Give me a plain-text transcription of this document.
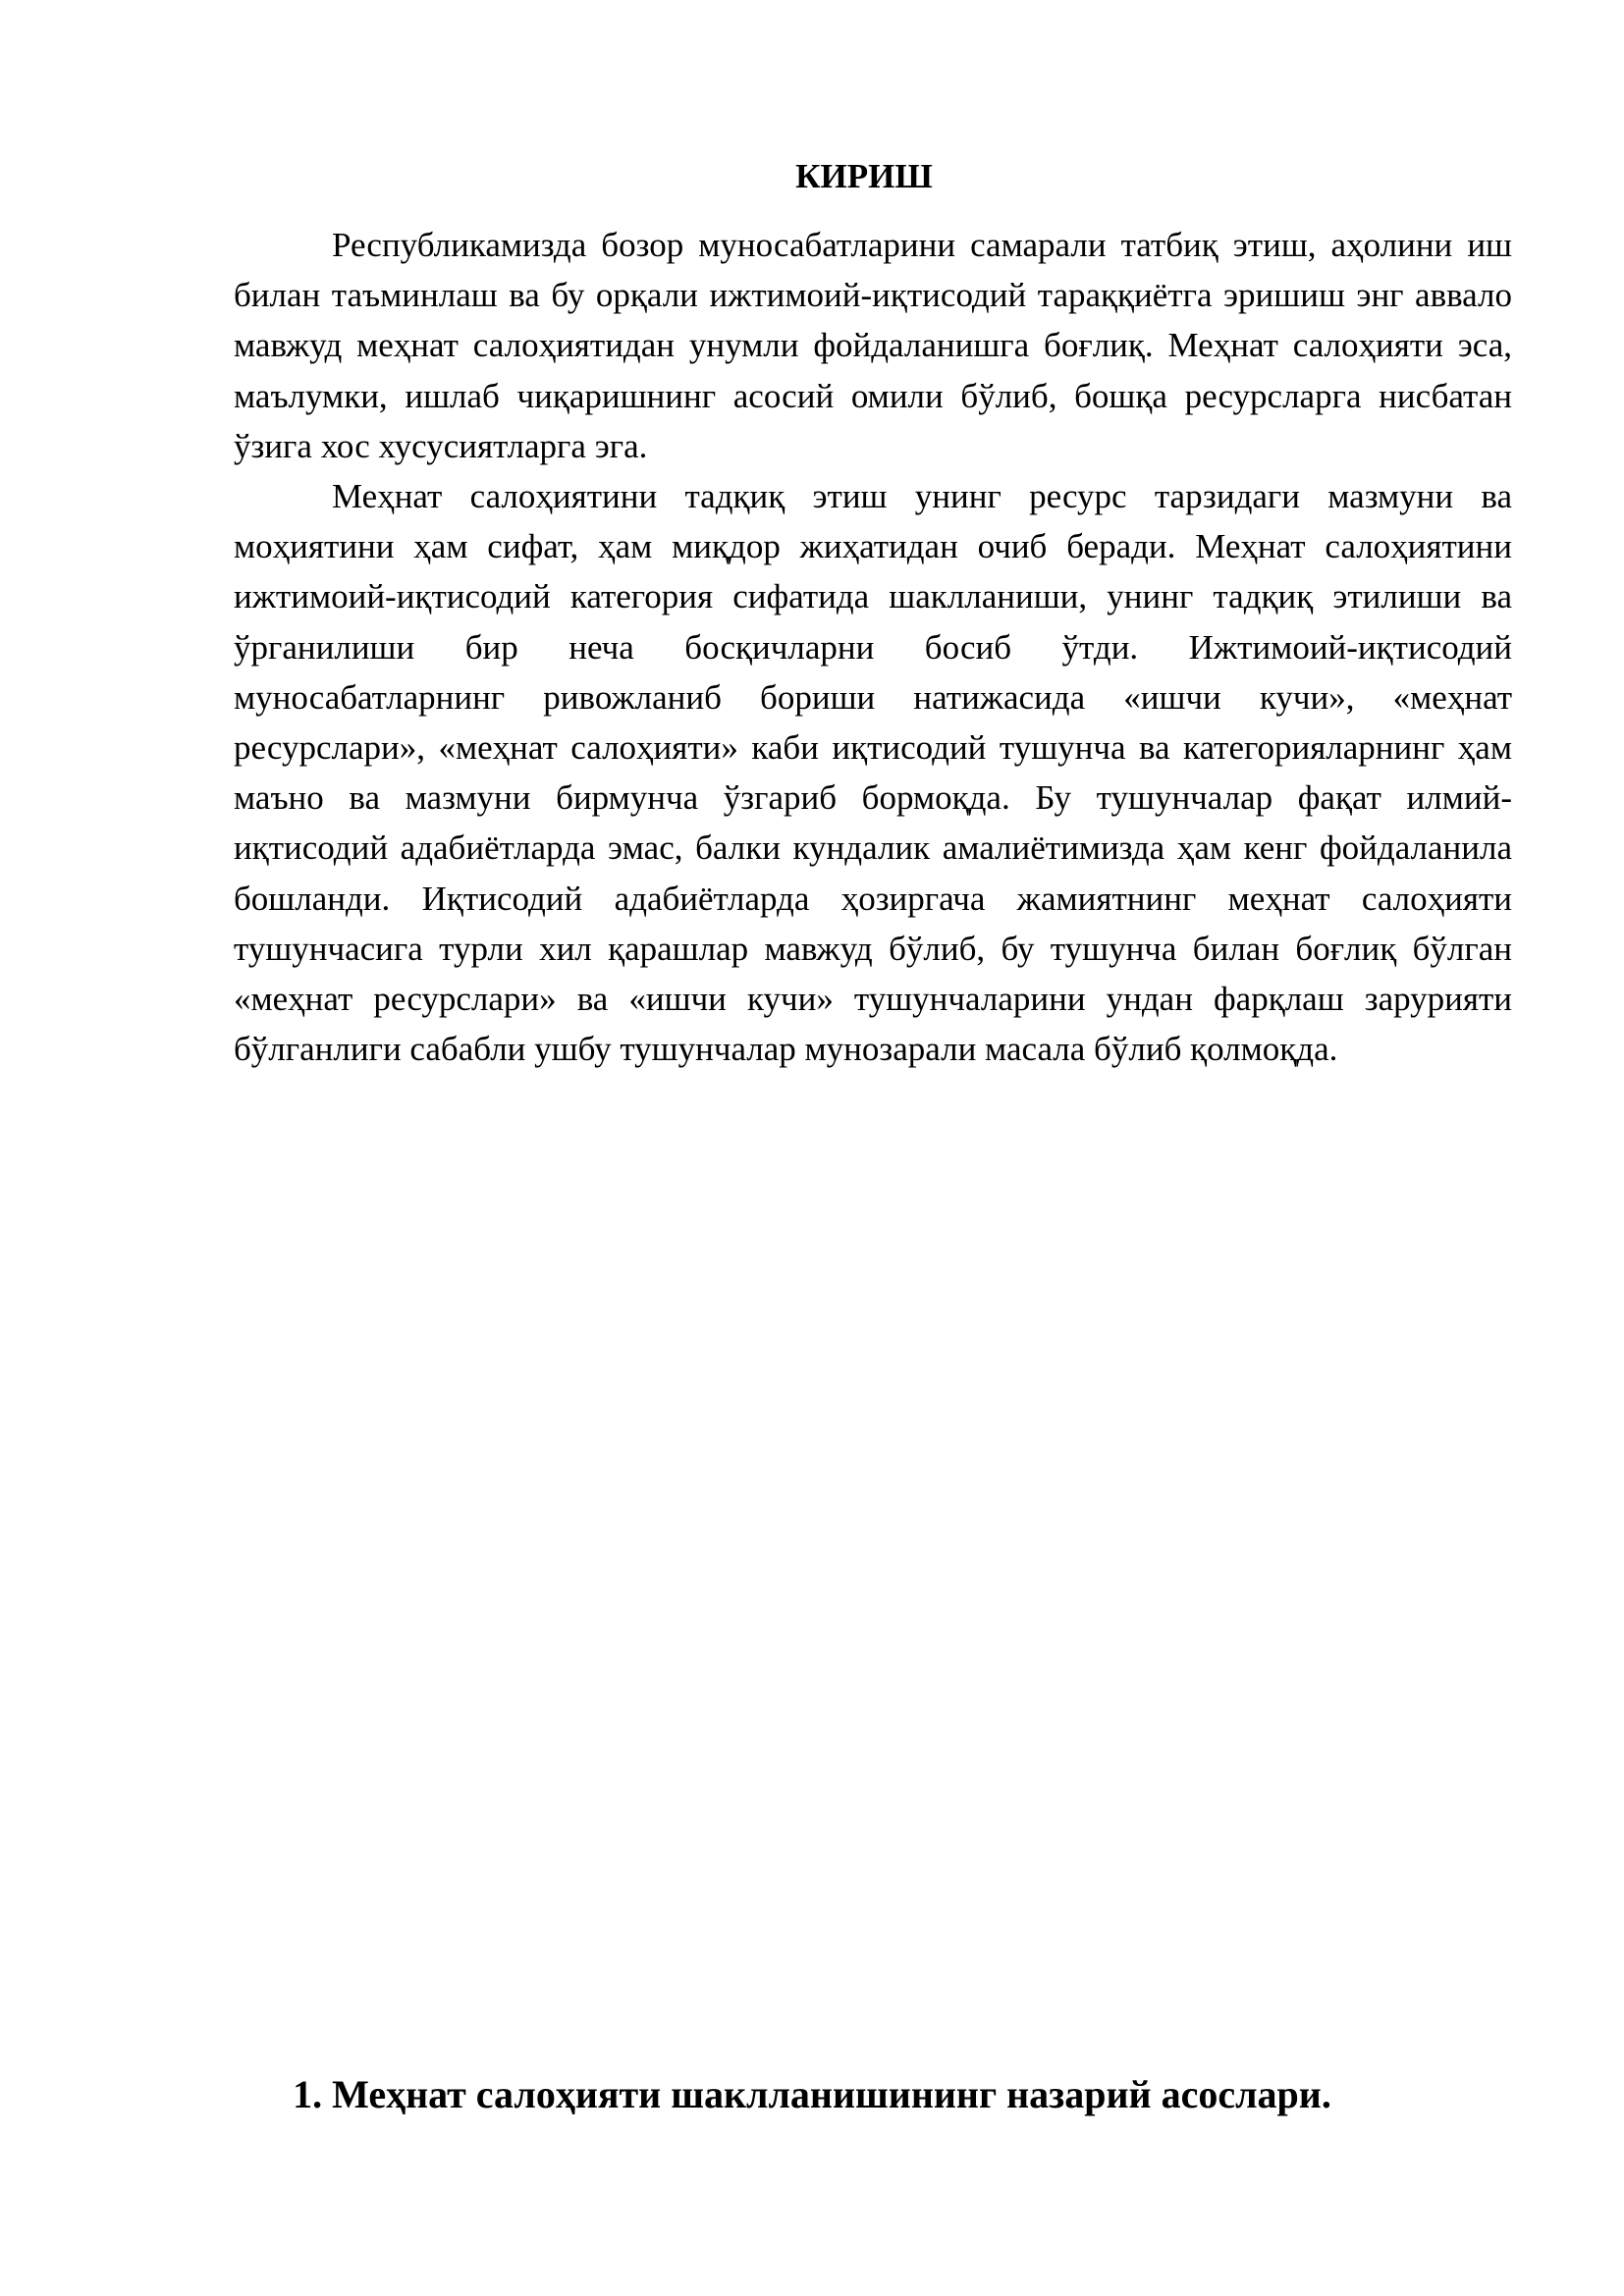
КИРИШ

Республикамизда бозор муносабатларини самарали татбиқ этиш, аҳолини иш билан таъминлаш ва бу орқали ижтимоий-иқтисодий тараққиётга эришиш энг аввало мавжуд меҳнат салоҳиятидан унумли фойдаланишга боғлиқ. Меҳнат салоҳияти эса, маълумки, ишлаб чиқаришнинг асосий омили бўлиб, бошқа ресурсларга нисбатан ўзига хос хусусиятларга эга.

Меҳнат салоҳиятини тадқиқ этиш унинг ресурс тарзидаги мазмуни ва моҳиятини ҳам сифат, ҳам миқдор жиҳатидан очиб беради. Меҳнат салоҳиятини ижтимоий-иқтисодий категория сифатида шаклланиши, унинг тадқиқ этилиши ва ўрганилиши бир неча босқичларни босиб ўтди. Ижтимоий-иқтисодий муносабатларнинг ривожланиб бориши натижасида «ишчи кучи», «меҳнат ресурслари», «меҳнат салоҳияти» каби иқтисодий тушунча ва категорияларнинг ҳам маъно ва мазмуни бирмунча ўзгариб бормоқда. Бу тушунчалар фақат илмий-иқтисодий адабиётларда эмас, балки кундалик амалиётимизда ҳам кенг фойдаланила бошланди. Иқтисодий адабиётларда ҳозиргача жамиятнинг меҳнат салоҳияти тушунчасига турли хил қарашлар мавжуд бўлиб, бу тушунча билан боғлиқ бўлган «меҳнат ресурслари» ва «ишчи кучи» тушунчаларини ундан фарқлаш зарурияти бўлганлиги сабабли ушбу тушунчалар мунозарали масала бўлиб қолмоқда.

1. Меҳнат салоҳияти шаклланишининг назарий асослари.
